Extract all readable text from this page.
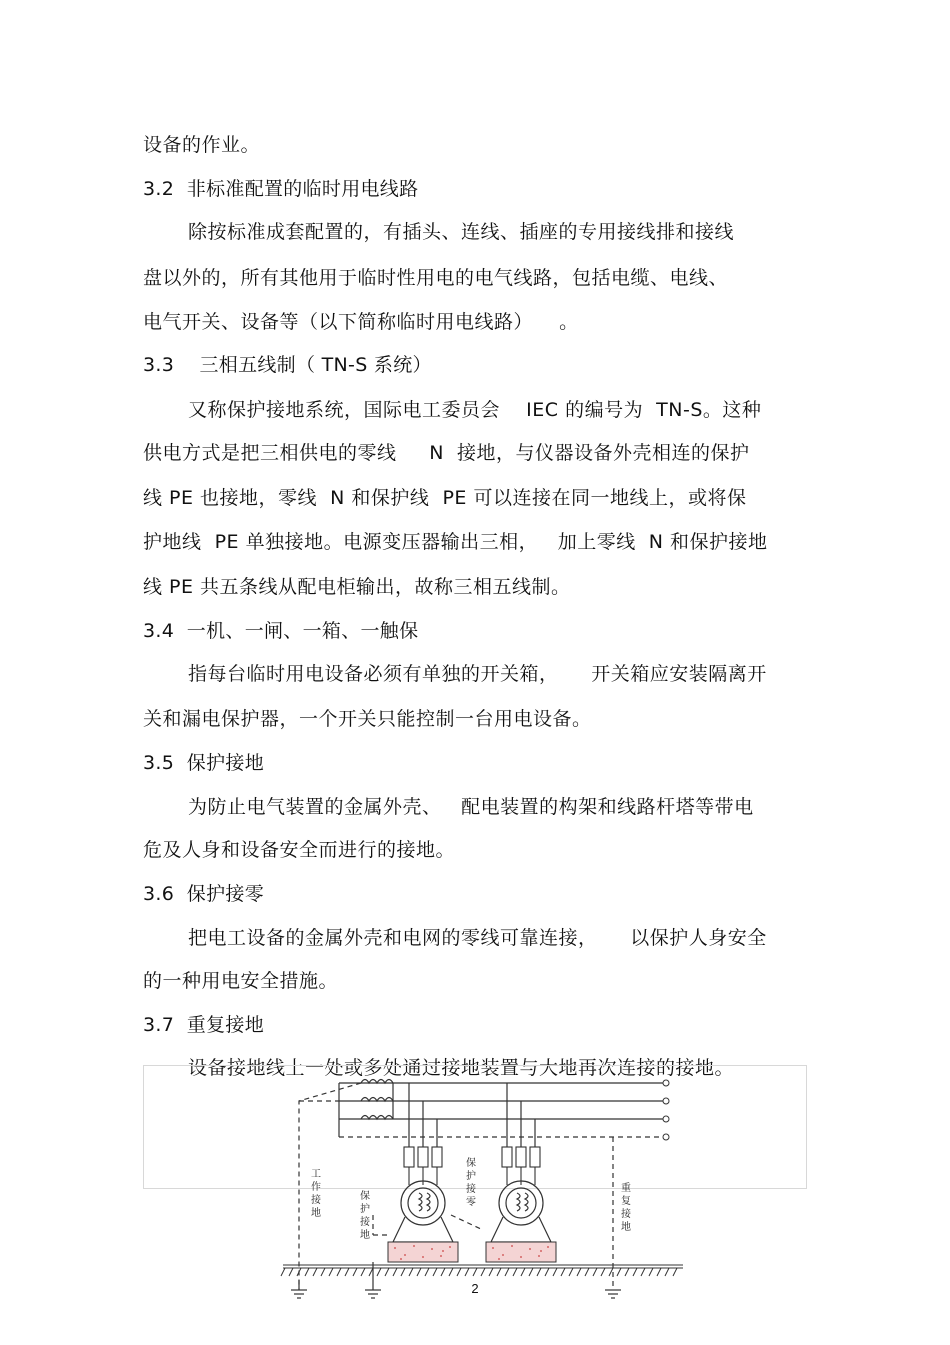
设备的作业。
3.2  非标准配置的临时用电线路
除按标准成套配置的，有插头、连线、插座的专用接线排和接线
盘以外的，所有其他用于临时性用电的电气线路，包括电缆、电线、
电气开关、设备等（以下简称临时用电线路）    。
3.3    三相五线制（ TN-S 系统）
又称保护接地系统，国际电工委员会    IEC 的编号为  TN-S。这种
供电方式是把三相供电的零线     N  接地，与仪器设备外壳相连的保护
线 PE 也接地，零线  N 和保护线  PE 可以连接在同一地线上，或将保
护地线  PE 单独接地。电源变压器输出三相，   加上零线  N 和保护接地
线 PE 共五条线从配电柜输出，故称三相五线制。
3.4  一机、一闸、一箱、一触保
指每台临时用电设备必须有单独的开关箱，     开关箱应安装隔离开
关和漏电保护器，一个开关只能控制一台用电设备。
3.5  保护接地
为防止电气装置的金属外壳、   配电装置的构架和线路杆塔等带电
危及人身和设备安全而进行的接地。
3.6  保护接零
把电工设备的金属外壳和电网的零线可靠连接，     以保护人身安全
的一种用电安全措施。
3.7  重复接地
设备接地线上一处或多处通过接地装置与大地再次连接的接地。
工
作
接
地
保
护
接
地
保
护
接
零
重
复
接
地
2
